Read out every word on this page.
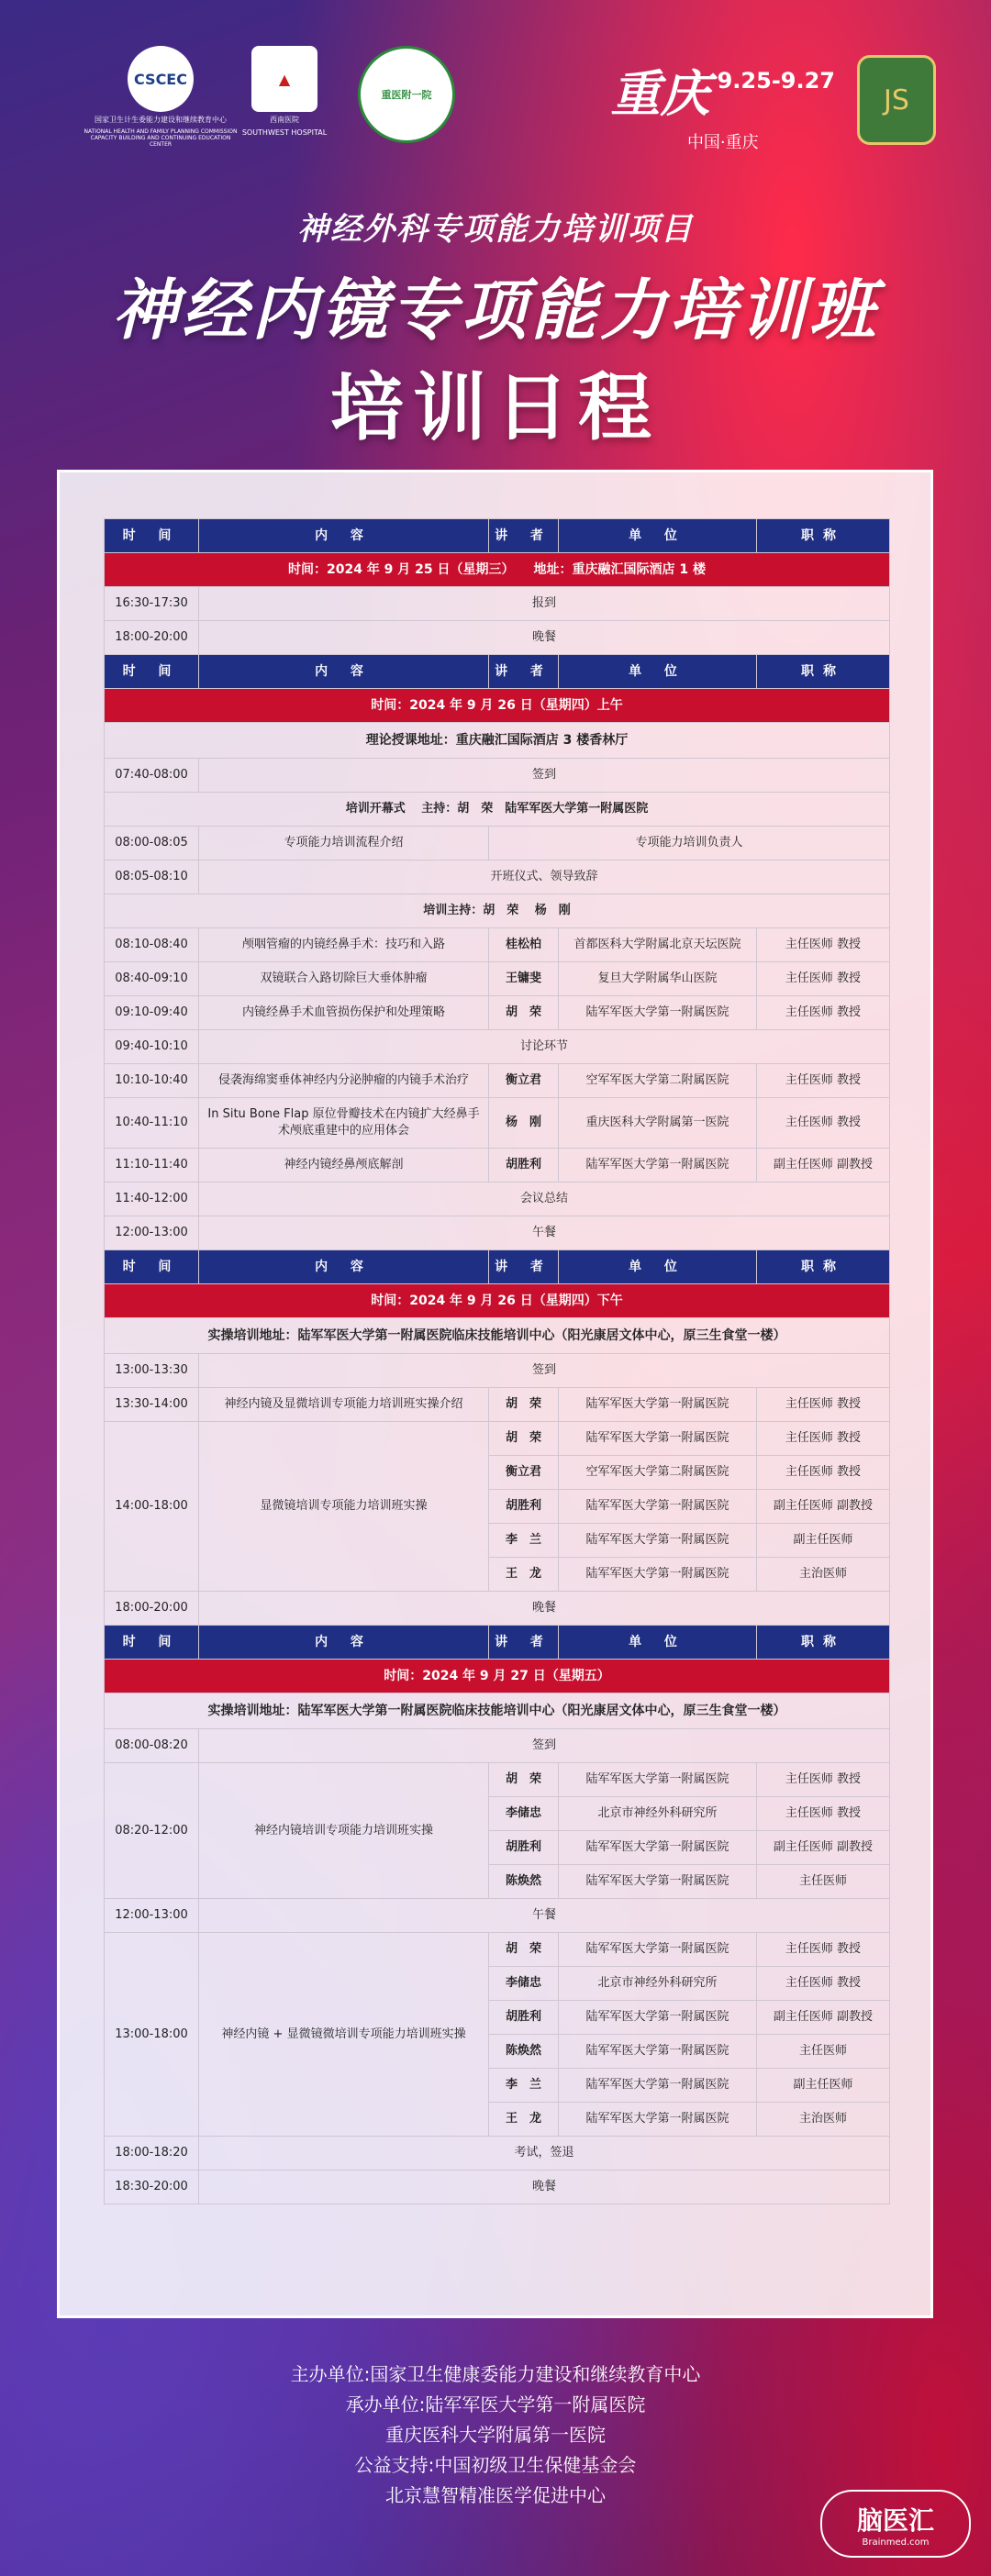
CSCEC
国家卫生计生委能力建设和继续教育中心
NATIONAL HEALTH AND FAMILY PLANNING COMMISSION CAPACITY BUILDING AND CONTINUING EDUCATION CENTER
▲
西南医院
SOUTHWEST HOSPITAL
重医附一院	重庆 9.25-9.27
中国·重庆
JS
神经外科专项能力培训项目
神经内镜专项能力培训班
培训日程
时 间	内 容	讲 者	单 位	职称
时间：2024 年 9 月 25 日（星期三）　　地址：重庆融汇国际酒店 1 楼				
16:30-17:30	报到			
18:00-20:00	晚餐			
时 间	内 容	讲 者	单 位	职称
时间：2024 年 9 月 26 日（星期四）上午				
理论授课地址：重庆融汇国际酒店 3 楼香林厅				
07:40-08:00	签到			
培训开幕式　 主持：胡　荣　陆军军医大学第一附属医院				
08:00-08:05	专项能力培训流程介绍	专项能力培训负责人		
08:05-08:10	开班仪式、领导致辞			
培训主持：胡　荣　 杨　刚				
08:10-08:40	颅咽管瘤的内镜经鼻手术：技巧和入路	桂松柏	首都医科大学附属北京天坛医院	主任医师 教授
08:40-09:10	双镜联合入路切除巨大垂体肿瘤	王镛斐	复旦大学附属华山医院	主任医师 教授
09:10-09:40	内镜经鼻手术血管损伤保护和处理策略	胡　荣	陆军军医大学第一附属医院	主任医师 教授
09:40-10:10	讨论环节			
10:10-10:40	侵袭海绵窦垂体神经内分泌肿瘤的内镜手术治疗	衡立君	空军军医大学第二附属医院	主任医师 教授
10:40-11:10	In Situ Bone Flap 原位骨瓣技术在内镜扩大经鼻手术颅底重建中的应用体会	杨　刚	重庆医科大学附属第一医院	主任医师 教授
11:10-11:40	神经内镜经鼻颅底解剖	胡胜利	陆军军医大学第一附属医院	副主任医师 副教授
11:40-12:00	会议总结			
12:00-13:00	午餐			
时 间	内 容	讲 者	单 位	职称
时间：2024 年 9 月 26 日（星期四）下午				
实操培训地址：陆军军医大学第一附属医院临床技能培训中心（阳光康居文体中心，原三生食堂一楼）				
13:00-13:30	签到			
13:30-14:00	神经内镜及显微培训专项能力培训班实操介绍	胡　荣	陆军军医大学第一附属医院	主任医师 教授
14:00-18:00	显微镜培训专项能力培训班实操	胡　荣	陆军军医大学第一附属医院	主任医师 教授
		衡立君	空军军医大学第二附属医院	主任医师 教授
		胡胜利	陆军军医大学第一附属医院	副主任医师 副教授
		李　兰	陆军军医大学第一附属医院	副主任医师
		王　龙	陆军军医大学第一附属医院	主治医师
18:00-20:00	晚餐			
时 间	内 容	讲 者	单 位	职称
时间：2024 年 9 月 27 日（星期五）				
实操培训地址：陆军军医大学第一附属医院临床技能培训中心（阳光康居文体中心，原三生食堂一楼）				
08:00-08:20	签到			
08:20-12:00	神经内镜培训专项能力培训班实操	胡　荣	陆军军医大学第一附属医院	主任医师 教授
		李储忠	北京市神经外科研究所	主任医师 教授
		胡胜利	陆军军医大学第一附属医院	副主任医师 副教授
		陈焕然	陆军军医大学第一附属医院	主任医师
12:00-13:00	午餐			
13:00-18:00	神经内镜 + 显微镜微培训专项能力培训班实操	胡　荣	陆军军医大学第一附属医院	主任医师 教授
		李储忠	北京市神经外科研究所	主任医师 教授
		胡胜利	陆军军医大学第一附属医院	副主任医师 副教授
		陈焕然	陆军军医大学第一附属医院	主任医师
		李　兰	陆军军医大学第一附属医院	副主任医师
		王　龙	陆军军医大学第一附属医院	主治医师
18:00-18:20	考试，签退			
18:30-20:00	晚餐			
主办单位:国家卫生健康委能力建设和继续教育中心
承办单位:陆军军医大学第一附属医院
重庆医科大学附属第一医院
公益支持:中国初级卫生保健基金会
北京慧智精准医学促进中心
脑医汇
Brainmed.com
